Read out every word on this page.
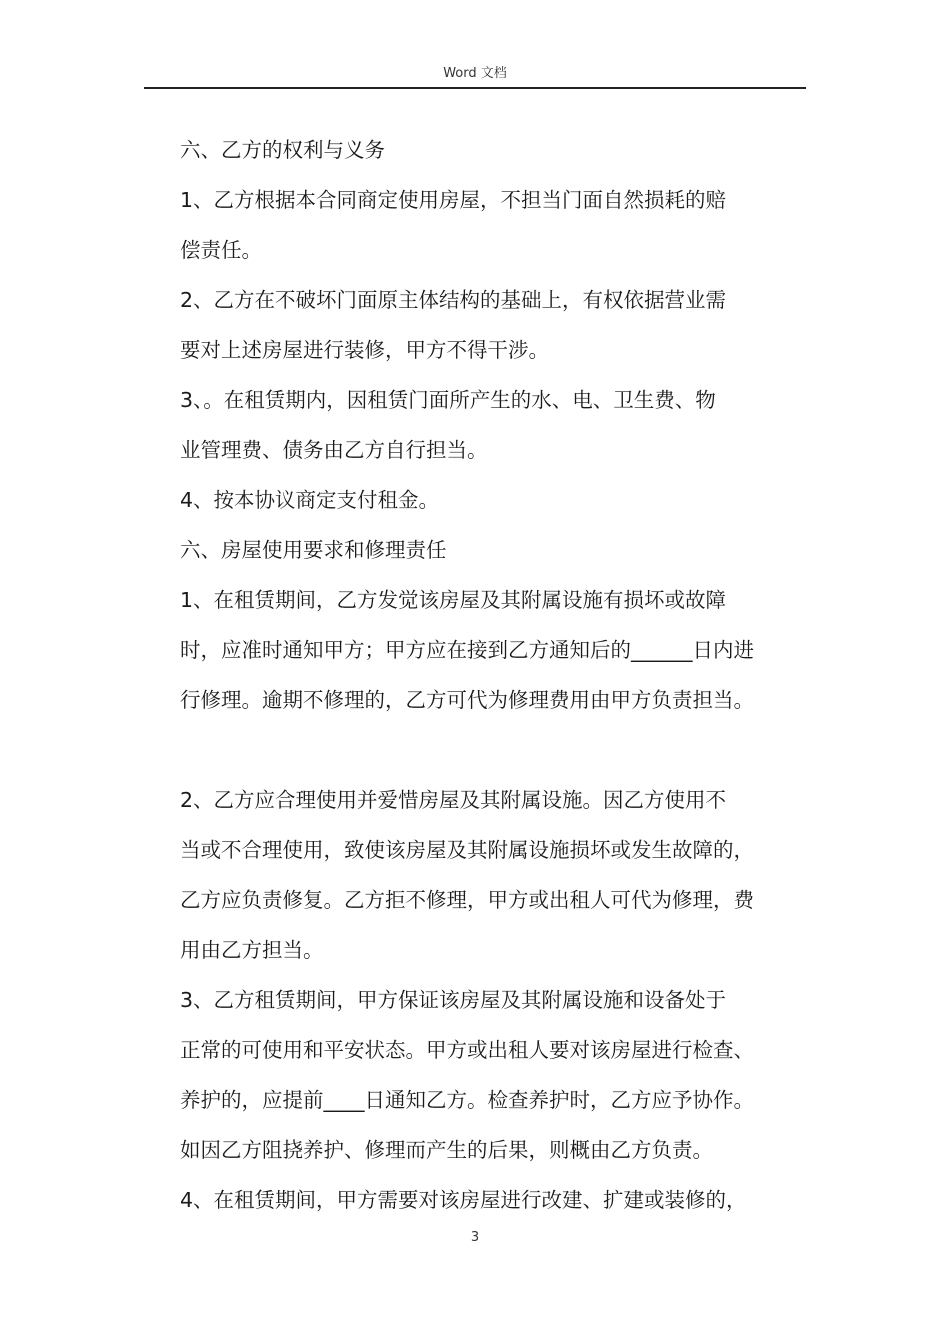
Word 文档

六、乙方的权利与义务

1、乙方根据本合同商定使用房屋，不担当门面自然损耗的赔
偿责任。

2、乙方在不破坏门面原主体结构的基础上，有权依据营业需
要对上述房屋进行装修，甲方不得干涉。

3、。在租赁期内，因租赁门面所产生的水、电、卫生费、物
业管理费、债务由乙方自行担当。

4、按本协议商定支付租金。

六、房屋使用要求和修理责任

1、在租赁期间，乙方发觉该房屋及其附属设施有损坏或故障
时，应准时通知甲方；甲方应在接到乙方通知后的______日内进
行修理。逾期不修理的，乙方可代为修理费用由甲方负责担当。

2、乙方应合理使用并爱惜房屋及其附属设施。因乙方使用不
当或不合理使用，致使该房屋及其附属设施损坏或发生故障的，
乙方应负责修复。乙方拒不修理，甲方或出租人可代为修理，费
用由乙方担当。

3、乙方租赁期间，甲方保证该房屋及其附属设施和设备处于
正常的可使用和平安状态。甲方或出租人要对该房屋进行检查、
养护的，应提前____日通知乙方。检查养护时，乙方应予协作。
如因乙方阻挠养护、修理而产生的后果，则概由乙方负责。

4、在租赁期间，甲方需要对该房屋进行改建、扩建或装修的，

3
